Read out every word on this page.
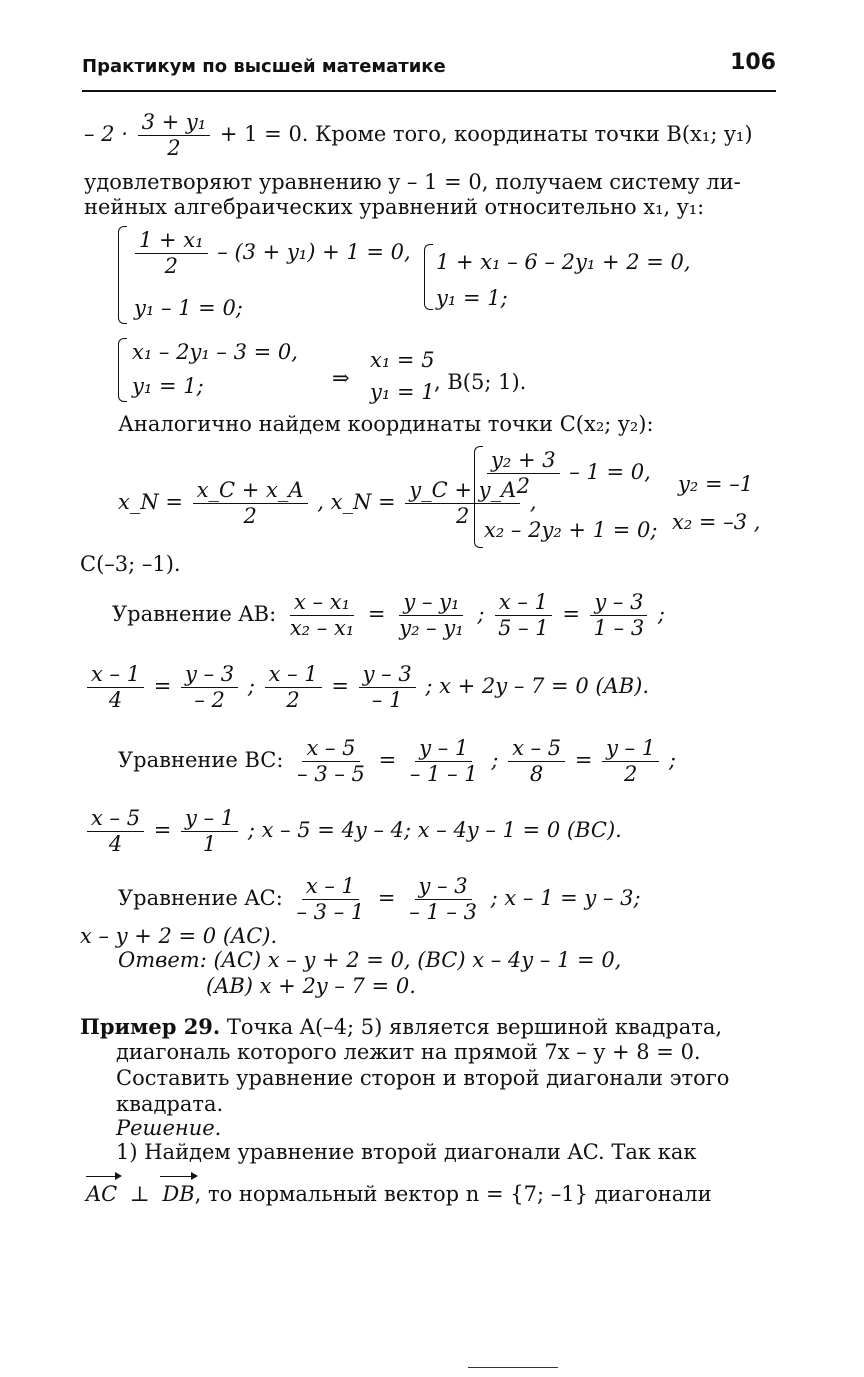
Практикум по высшей математике	106
– $2 \cdot \frac{\text{3 + y₁}}{2} + 1 = 0$. Кроме того, координаты точки B(x₁; y₁)
удовлетворяют уравнению y – 1 = 0, получаем систему ли-
нейных алгебраических уравнений относительно x₁, y₁:
$\frac{\text{1 + x₁}}{2} - (3 + y_1) + 1 = 0$,
y₁ – 1 = 0;
1 + x₁ – 6 – 2y₁ + 2 = 0,
y₁ = 1;
x₁ – 2y₁ – 3 = 0,
y₁ = 1;	⇒
x₁ = 5
y₁ = 1 , B(5; 1).
Аналогично найдем координаты точки C(x₂; y₂):
x_N = $\frac{x\_C + x\_A}{2}$ , x_N = $\frac{y\_C + y\_A}{2}$ ,
$\frac{\text{y₂ + 3}}{2} - 1 = 0$,
x₂ – 2y₂ + 1 = 0;
y₂ = –1
x₂ = –3 ,
C(–3; –1).
Уравнение AB: $\frac{\text{x – x₁}}{\text{x₂ – x₁}} = \frac{\text{y – y₁}}{\text{y₂ – y₁}}$ ; $\frac{x - 1}{5 - 1} = \frac{y - 3}{1 - 3}$ ;
$\frac{x - 1}{4} = \frac{y - 3}{- 2}$ ; $\frac{x - 1}{2} = \frac{y - 3}{- 1}$ ; x + 2y – 7 = 0 (AB).
Уравнение BC: $\frac{x - 5}{- 3 - 5} = \frac{y - 1}{- 1 - 1}$ ; $\frac{x - 5}{8} = \frac{y - 1}{2}$ ;
$\frac{x - 5}{4} = \frac{y - 1}{1}$ ; x – 5 = 4y – 4; x – 4y – 1 = 0 (BC).
Уравнение AC: $\frac{x - 1}{- 3 - 1} = \frac{y - 3}{- 1 - 3}$ ; x – 1 = y – 3;
x – y + 2 = 0 (AC).
Ответ: (AC) x – y + 2 = 0, (BC) x – 4y – 1 = 0,
(AB) x + 2y – 7 = 0.
Пример 29. Точка A(–4; 5) является вершиной квадрата,
диагональ которого лежит на прямой 7x – y + 8 = 0.
Составить уравнение сторон и второй диагонали этого
квадрата.
Решение.
1) Найдем уравнение второй диагонали AC. Так как
AC ⊥ DB, то нормальный вектор n = {7; –1} диагонали
